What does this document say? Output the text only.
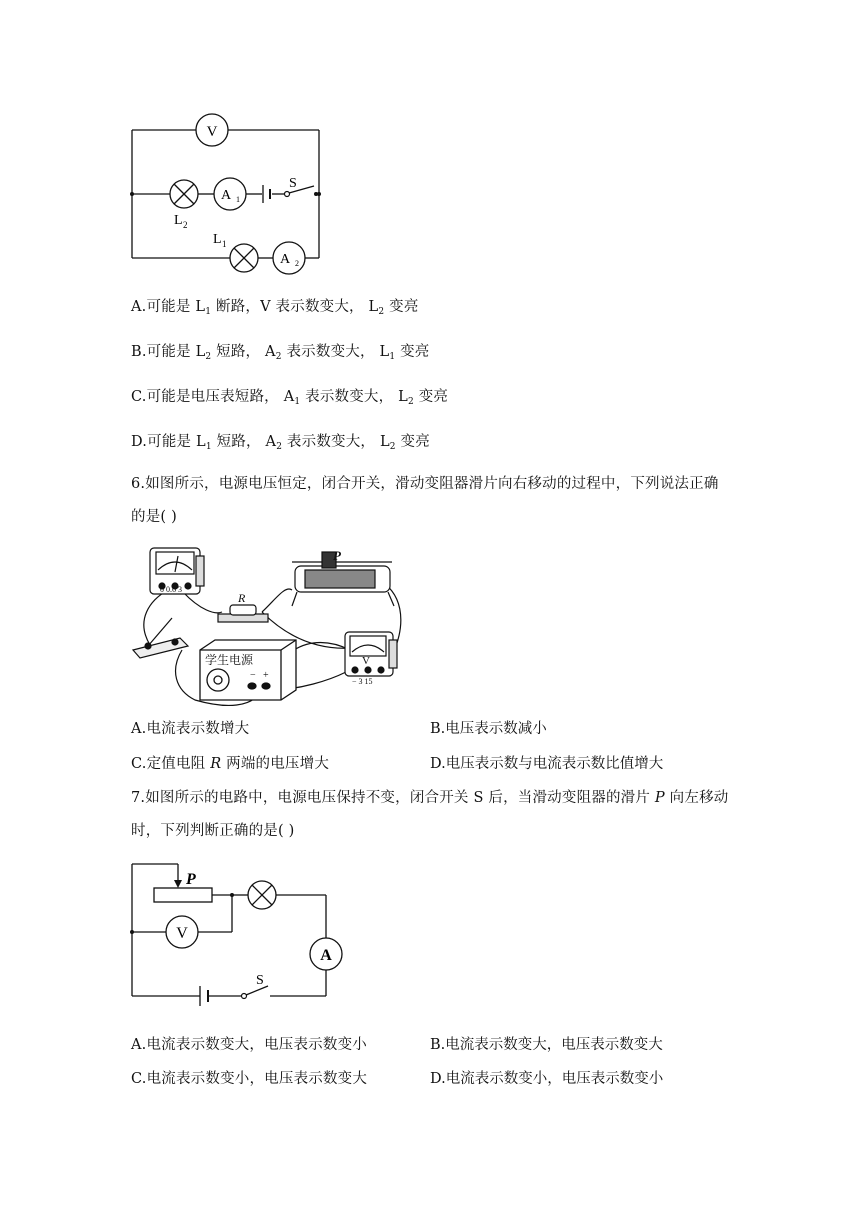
V
L 2
A 1
S
L 1
A 2
A.可能是 $L_1$ 断路，V 表示数变大， $L_2$ 变亮
B.可能是 $L_2$ 短路， $A_2$ 表示数变大， $L_1$ 变亮
C.可能是电压表短路， $A_1$ 表示数变大， $L_2$ 变亮
D.可能是 $L_1$ 短路， $A_2$ 表示数变大， $L_2$ 变亮
6.如图所示，电源电压恒定，闭合开关，滑动变阻器滑片向右移动的过程中，下列说法正确
的是( )
0 0.6 3
P
R
学生电源
− +
V
− 3 15
A.电流表示数增大	B.电压表示数减小
C.定值电阻 R 两端的电压增大	D.电压表示数与电流表示数比值增大
7.如图所示的电路中，电源电压保持不变，闭合开关 S 后，当滑动变阻器的滑片 P 向左移动
时，下列判断正确的是( )
P
V
A
S
A.电流表示数变大，电压表示数变小	B.电流表示数变大，电压表示数变大
C.电流表示数变小，电压表示数变大	D.电流表示数变小，电压表示数变小
